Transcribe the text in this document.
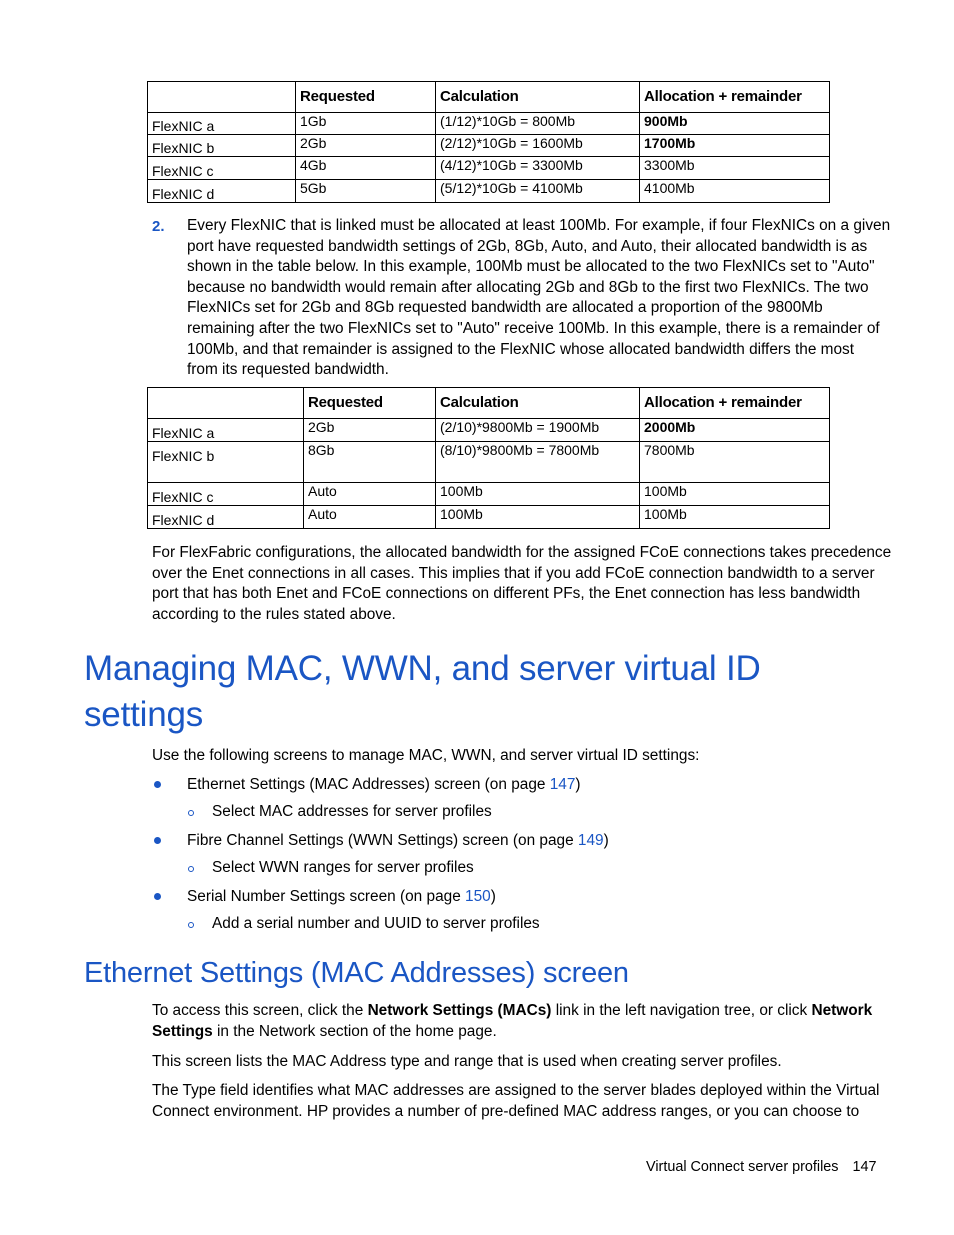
	Requested	Calculation	Allocation + remainder
FlexNIC a	1Gb	(1/12)*10Gb = 800Mb	900Mb
FlexNIC b	2Gb	(2/12)*10Gb = 1600Mb	1700Mb
FlexNIC c	4Gb	(4/12)*10Gb = 3300Mb	3300Mb
FlexNIC d	5Gb	(5/12)*10Gb = 4100Mb	4100Mb
2. Every FlexNIC that is linked must be allocated at least 100Mb. For example, if four FlexNICs on a given
port have requested bandwidth settings of 2Gb, 8Gb, Auto, and Auto, their allocated bandwidth is as
shown in the table below. In this example, 100Mb must be allocated to the two FlexNICs set to "Auto"
because no bandwidth would remain after allocating 2Gb and 8Gb to the first two FlexNICs. The two
FlexNICs set for 2Gb and 8Gb requested bandwidth are allocated a proportion of the 9800Mb
remaining after the two FlexNICs set to "Auto" receive 100Mb. In this example, there is a remainder of
100Mb, and that remainder is assigned to the FlexNIC whose allocated bandwidth differs the most
from its requested bandwidth.
	Requested	Calculation	Allocation + remainder
FlexNIC a	2Gb	(2/10)*9800Mb = 1900Mb	2000Mb
FlexNIC b	8Gb	(8/10)*9800Mb = 7800Mb	7800Mb
FlexNIC c	Auto	100Mb	100Mb
FlexNIC d	Auto	100Mb	100Mb
For FlexFabric configurations, the allocated bandwidth for the assigned FCoE connections takes precedence
over the Enet connections in all cases. This implies that if you add FCoE connection bandwidth to a server
port that has both Enet and FCoE connections on different PFs, the Enet connection has less bandwidth
according to the rules stated above.
Managing MAC, WWN, and server virtual ID
settings
Use the following screens to manage MAC, WWN, and server virtual ID settings:
Ethernet Settings (MAC Addresses) screen (on page 147)
Select MAC addresses for server profiles
Fibre Channel Settings (WWN Settings) screen (on page 149)
Select WWN ranges for server profiles
Serial Number Settings screen (on page 150)
Add a serial number and UUID to server profiles
Ethernet Settings (MAC Addresses) screen
To access this screen, click the Network Settings (MACs) link in the left navigation tree, or click Network
Settings in the Network section of the home page.
This screen lists the MAC Address type and range that is used when creating server profiles.
The Type field identifies what MAC addresses are assigned to the server blades deployed within the Virtual
Connect environment. HP provides a number of pre-defined MAC address ranges, or you can choose to
Virtual Connect server profiles 147
